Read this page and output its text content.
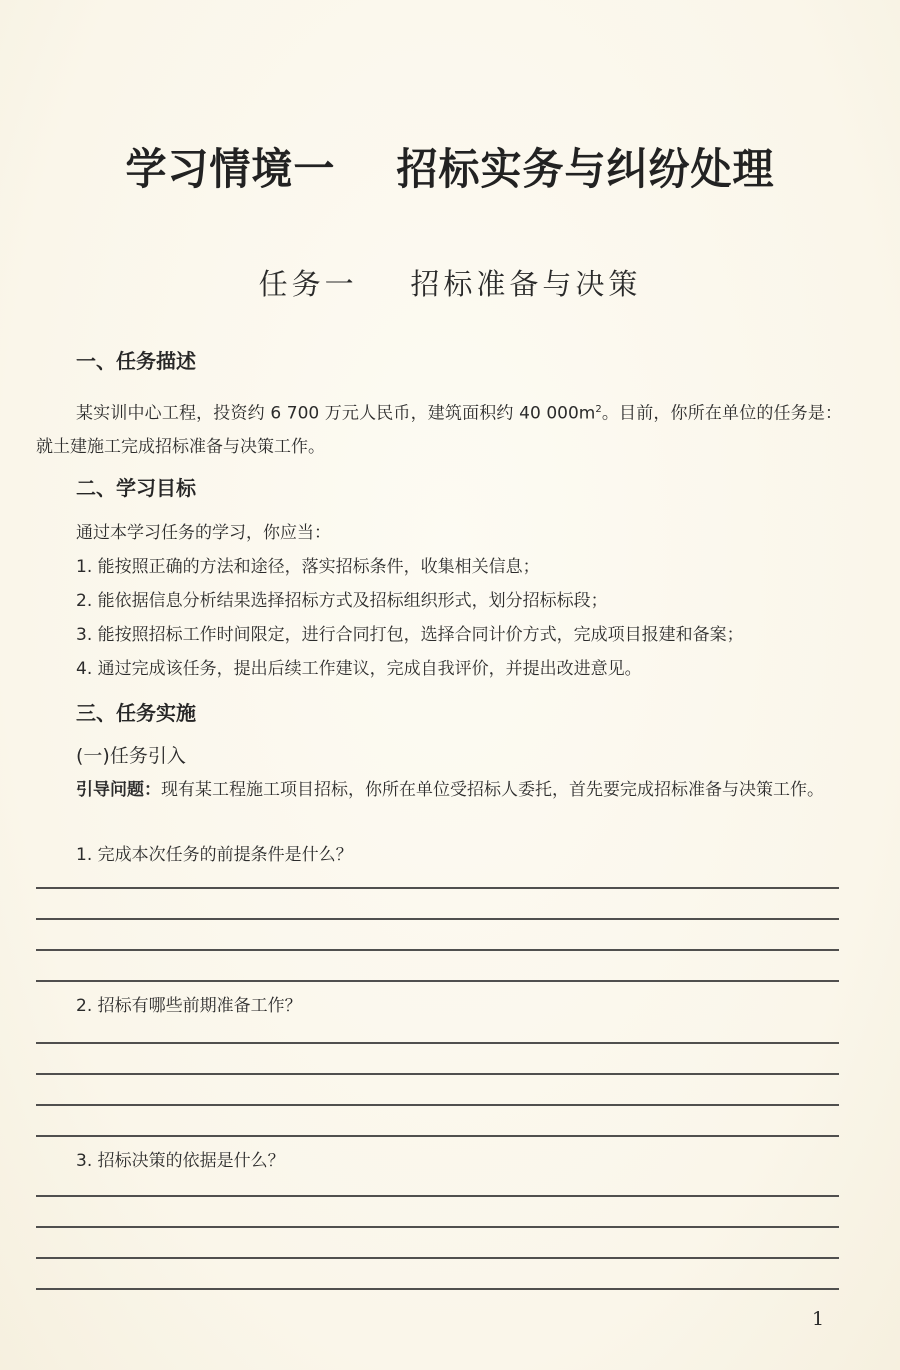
学习情境一    招标实务与纠纷处理
任务一    招标准备与决策
一、任务描述
某实训中心工程，投资约 6 700 万元人民币，建筑面积约 40 $000m^2$。目前，你所在单位的任务是：就土建施工完成招标准备与决策工作。
二、学习目标
通过本学习任务的学习，你应当：
1. 能按照正确的方法和途径，落实招标条件，收集相关信息；
2. 能依据信息分析结果选择招标方式及招标组织形式，划分招标标段；
3. 能按照招标工作时间限定，进行合同打包，选择合同计价方式，完成项目报建和备案；
4. 通过完成该任务，提出后续工作建议，完成自我评价，并提出改进意见。
三、任务实施
(一)任务引入
引导问题：现有某工程施工项目招标，你所在单位受招标人委托，首先要完成招标准备与决策工作。
1. 完成本次任务的前提条件是什么？
2. 招标有哪些前期准备工作？
3. 招标决策的依据是什么？
1
